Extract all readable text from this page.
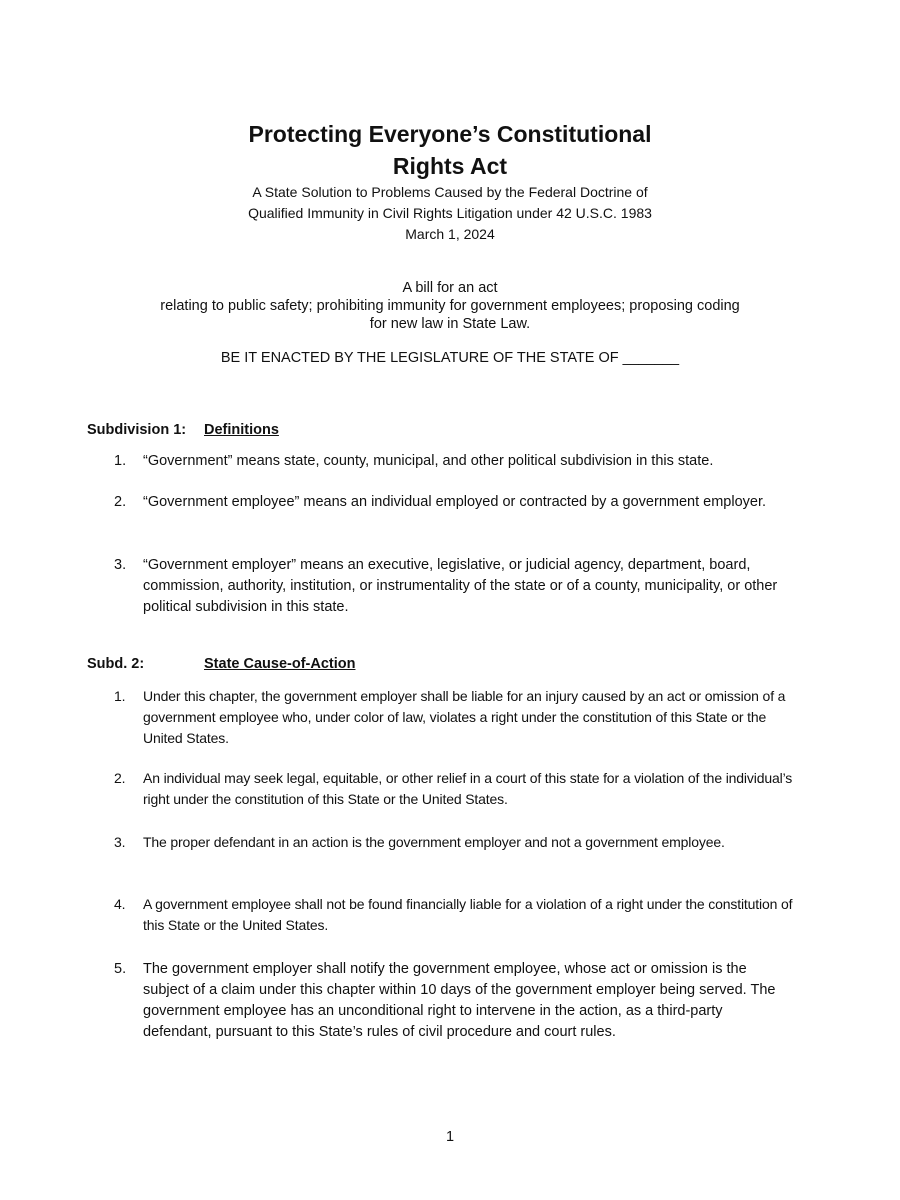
Protecting Everyone’s Constitutional
Rights Act
A State Solution to Problems Caused by the Federal Doctrine of
Qualified Immunity in Civil Rights Litigation under 42 U.S.C. 1983
March 1, 2024
A bill for an act
relating to public safety; prohibiting immunity for government employees; proposing coding
for new law in State Law.
BE IT ENACTED BY THE LEGISLATURE OF THE STATE OF _______
Subdivision 1: Definitions
1. “Government” means state, county, municipal, and other political subdivision in this state.
2. “Government employee” means an individual employed or contracted by a government employer.
3. “Government employer” means an executive, legislative, or judicial agency, department, board, commission, authority, institution, or instrumentality of the state or of a county, municipality, or other political subdivision in this state.
Subd. 2:	State Cause-of-Action
1. Under this chapter, the government employer shall be liable for an injury caused by an act or omission of a government employee who, under color of law, violates a right under the constitution of this State or the United States.
2. An individual may seek legal, equitable, or other relief in a court of this state for a violation of the individual’s right under the constitution of this State or the United States.
3. The proper defendant in an action is the government employer and not a government employee.
4. A government employee shall not be found financially liable for a violation of a right under the constitution of this State or the United States.
5. The government employer shall notify the government employee, whose act or omission is the subject of a claim under this chapter within 10 days of the government employer being served. The government employee has an unconditional right to intervene in the action, as a third-party defendant, pursuant to this State’s rules of civil procedure and court rules.
1
